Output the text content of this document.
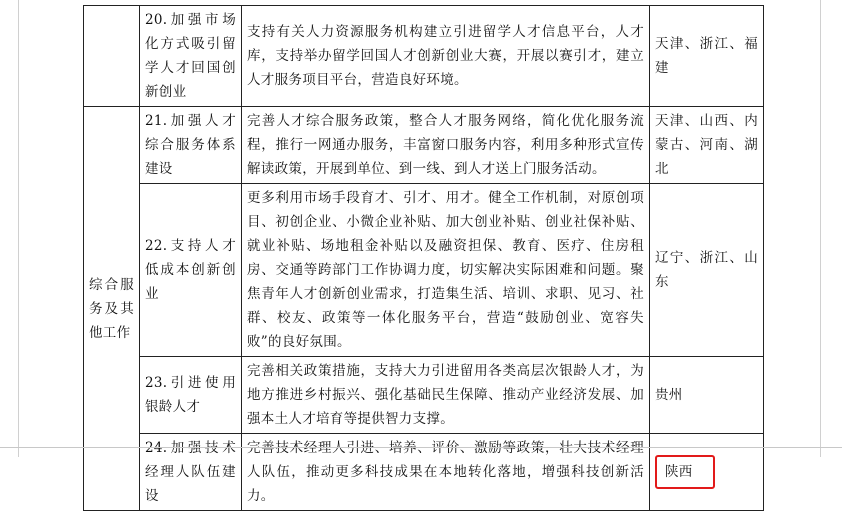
	20.加强市场化方式吸引留学人才回国创新创业	支持有关人力资源服务机构建立引进留学人才信息平台，人才库，支持举办留学回国人才创新创业大赛，开展以赛引才，建立人才服务项目平台，营造良好环境。	天津、浙江、福建
综合服务及其他工作	21.加强人才综合服务体系建设	完善人才综合服务政策，整合人才服务网络，简化优化服务流程，推行一网通办服务，丰富窗口服务内容，利用多种形式宣传解读政策，开展到单位、到一线、到人才送上门服务活动。	天津、山西、内蒙古、河南、湖北
	22.支持人才低成本创新创业	更多利用市场手段育才、引才、用才。健全工作机制，对原创项目、初创企业、小微企业补贴、加大创业补贴、创业社保补贴、就业补贴、场地租金补贴以及融资担保、教育、医疗、住房租房、交通等跨部门工作协调力度，切实解决实际困难和问题。聚焦青年人才创新创业需求，打造集生活、培训、求职、见习、社群、校友、政策等一体化服务平台，营造“鼓励创业、宽容失败”的良好氛围。	辽宁、浙江、山东
	23.引进使用银龄人才	完善相关政策措施，支持大力引进留用各类高层次银龄人才，为地方推进乡村振兴、强化基础民生保障、推动产业经济发展、加强本土人才培育等提供智力支撑。	贵州
	24.加强技术经理人队伍建设	完善技术经理人引进、培养、评价、激励等政策，壮大技术经理人队伍，推动更多科技成果在本地转化落地，增强科技创新活力。	陕西
